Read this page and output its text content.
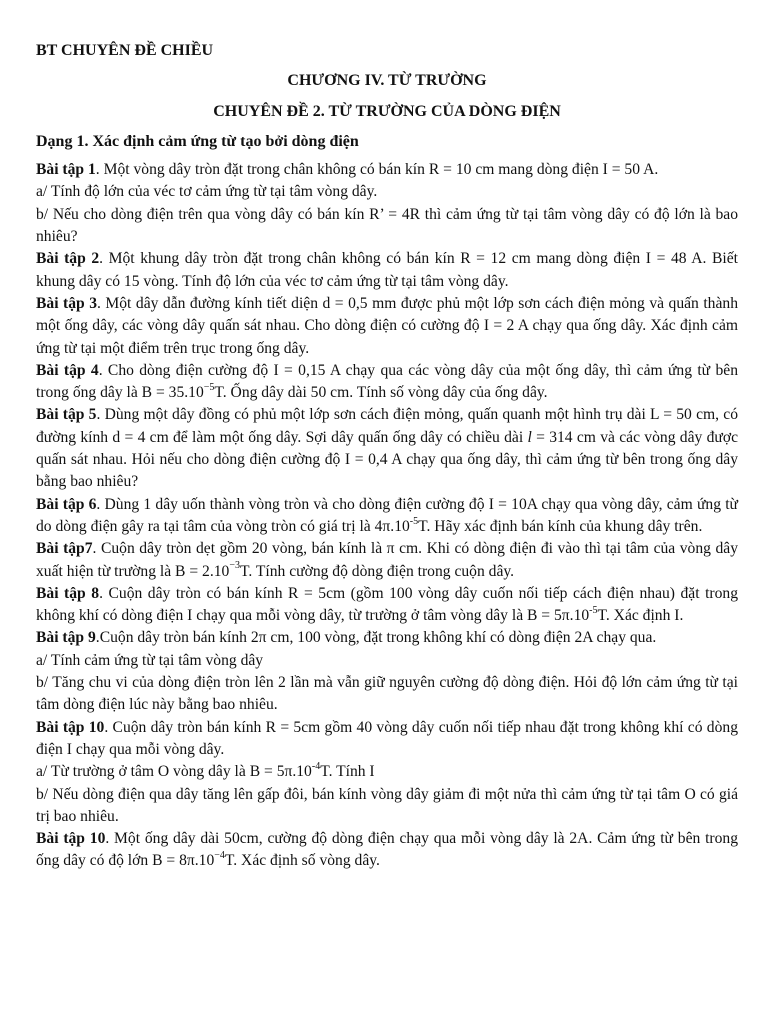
BT CHUYÊN ĐỀ CHIỀU
CHƯƠNG IV. TỪ TRƯỜNG
CHUYÊN ĐỀ 2. TỪ TRƯỜNG CỦA DÒNG ĐIỆN
Dạng 1. Xác định cảm ứng từ tạo bởi dòng điện

Bài tập 1. Một vòng dây tròn đặt trong chân không có bán kín R = 10 cm mang dòng điện I = 50 A.

a/ Tính độ lớn của véc tơ cảm ứng từ tại tâm vòng dây.

b/ Nếu cho dòng điện trên qua vòng dây có bán kín R’ = 4R thì cảm ứng từ tại tâm vòng dây có độ lớn là bao nhiêu?

Bài tập 2. Một khung dây tròn đặt trong chân không có bán kín R = 12 cm mang dòng điện I = 48 A. Biết khung dây có 15 vòng. Tính độ lớn của véc tơ cảm ứng từ tại tâm vòng dây.

Bài tập 3. Một dây dẫn đường kính tiết diện d = 0,5 mm được phủ một lớp sơn cách điện mỏng và quấn thành một ống dây, các vòng dây quấn sát nhau. Cho dòng điện có cường độ I = 2 A chạy qua ống dây. Xác định cảm ứng từ tại một điểm trên trục trong ống dây.

Bài tập 4. Cho dòng điện cường độ I = 0,15 A chạy qua các vòng dây của một ống dây, thì cảm ứng từ bên trong ống dây là $B = 35.10^{-5}T$. Ống dây dài 50 cm. Tính số vòng dây của ống dây.

Bài tập 5. Dùng một dây đồng có phủ một lớp sơn cách điện mỏng, quấn quanh một hình trụ dài L = 50 cm, có đường kính d = 4 cm để làm một ống dây. Sợi dây quấn ống dây có chiều dài l = 314 cm và các vòng dây được quấn sát nhau. Hỏi nếu cho dòng điện cường độ I = 0,4 A chạy qua ống dây, thì cảm ứng từ bên trong ống dây bằng bao nhiêu?

Bài tập 6. Dùng 1 dây uốn thành vòng tròn và cho dòng điện cường độ I = 10A chạy qua vòng dây, cảm ứng từ do dòng điện gây ra tại tâm của vòng tròn có giá trị là $4\pi.10^{-5}T$. Hãy xác định bán kính của khung dây trên.

Bài tập7. Cuộn dây tròn dẹt gồm 20 vòng, bán kính là π cm. Khi có dòng điện đi vào thì tại tâm của vòng dây xuất hiện từ trường là $B = 2.10^{-3}T$. Tính cường độ dòng điện trong cuộn dây.

Bài tập 8. Cuộn dây tròn có bán kính R = 5cm (gồm 100 vòng dây cuốn nối tiếp cách điện nhau) đặt trong không khí có dòng điện I chạy qua mỗi vòng dây, từ trường ở tâm vòng dây là $B = 5\pi.10^{-5}T$. Xác định I.

Bài tập 9.Cuộn dây tròn bán kính 2π cm, 100 vòng, đặt trong không khí có dòng điện 2A chạy qua.

a/ Tính cảm ứng từ tại tâm vòng dây

b/ Tăng chu vi của dòng điện tròn lên 2 lần mà vẫn giữ nguyên cường độ dòng điện. Hỏi độ lớn cảm ứng từ tại tâm dòng điện lúc này bằng bao nhiêu.

Bài tập 10. Cuộn dây tròn bán kính R = 5cm gồm 40 vòng dây cuốn nối tiếp nhau đặt trong không khí có dòng điện I chạy qua mỗi vòng dây.

a/ Từ trường ở tâm O vòng dây là $B = 5\pi.10^{-4}T$. Tính I

b/ Nếu dòng điện qua dây tăng lên gấp đôi, bán kính vòng dây giảm đi một nửa thì cảm ứng từ tại tâm O có giá trị bao nhiêu.

Bài tập 10. Một ống dây dài 50cm, cường độ dòng điện chạy qua mỗi vòng dây là 2A. Cảm ứng từ bên trong ống dây có độ lớn $B = 8\pi.10^{-4}T$. Xác định số vòng dây.
